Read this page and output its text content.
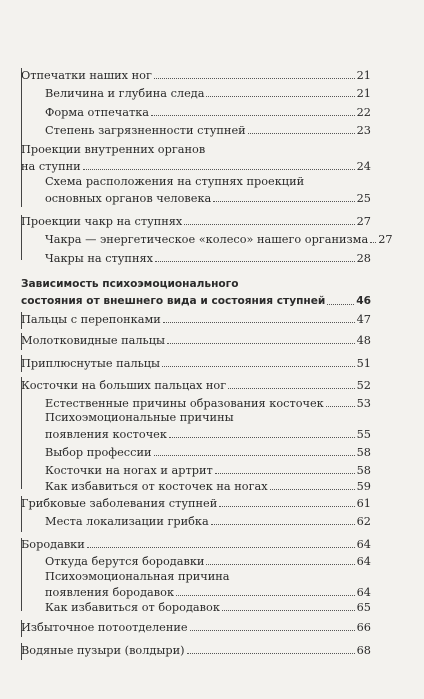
Отпечатки наших ног	21
Величина и глубина следа	21
Форма отпечатка	22
Степень загрязненности ступней	23
Проекции внутренних органов
на ступни	24
Схема расположения на ступнях проекций
основных органов человека	25
Проекции чакр на ступнях	27
Чакра — энергетическое «колесо» нашего организма 27
Чакры на ступнях	28
Зависимость психоэмоционального
состояния от внешнего вида и состояния ступней	46
Пальцы с перепонками	47
Молотковидные пальцы	48
Приплюснутые пальцы	51
Косточки на больших пальцах ног	52
Естественные причины образования косточек	53
Психоэмоциональные причины
появления косточек	55
Выбор профессии	58
Косточки на ногах и артрит	58
Как избавиться от косточек на ногах	59
Грибковые заболевания ступней	61
Места локализации грибка	62
Бородавки	64
Откуда берутся бородавки	64
Психоэмоциональная причина
появления бородавок	64
Как избавиться от бородавок	65
Избыточное потоотделение	66
Водяные пузыри (волдыри)	68
